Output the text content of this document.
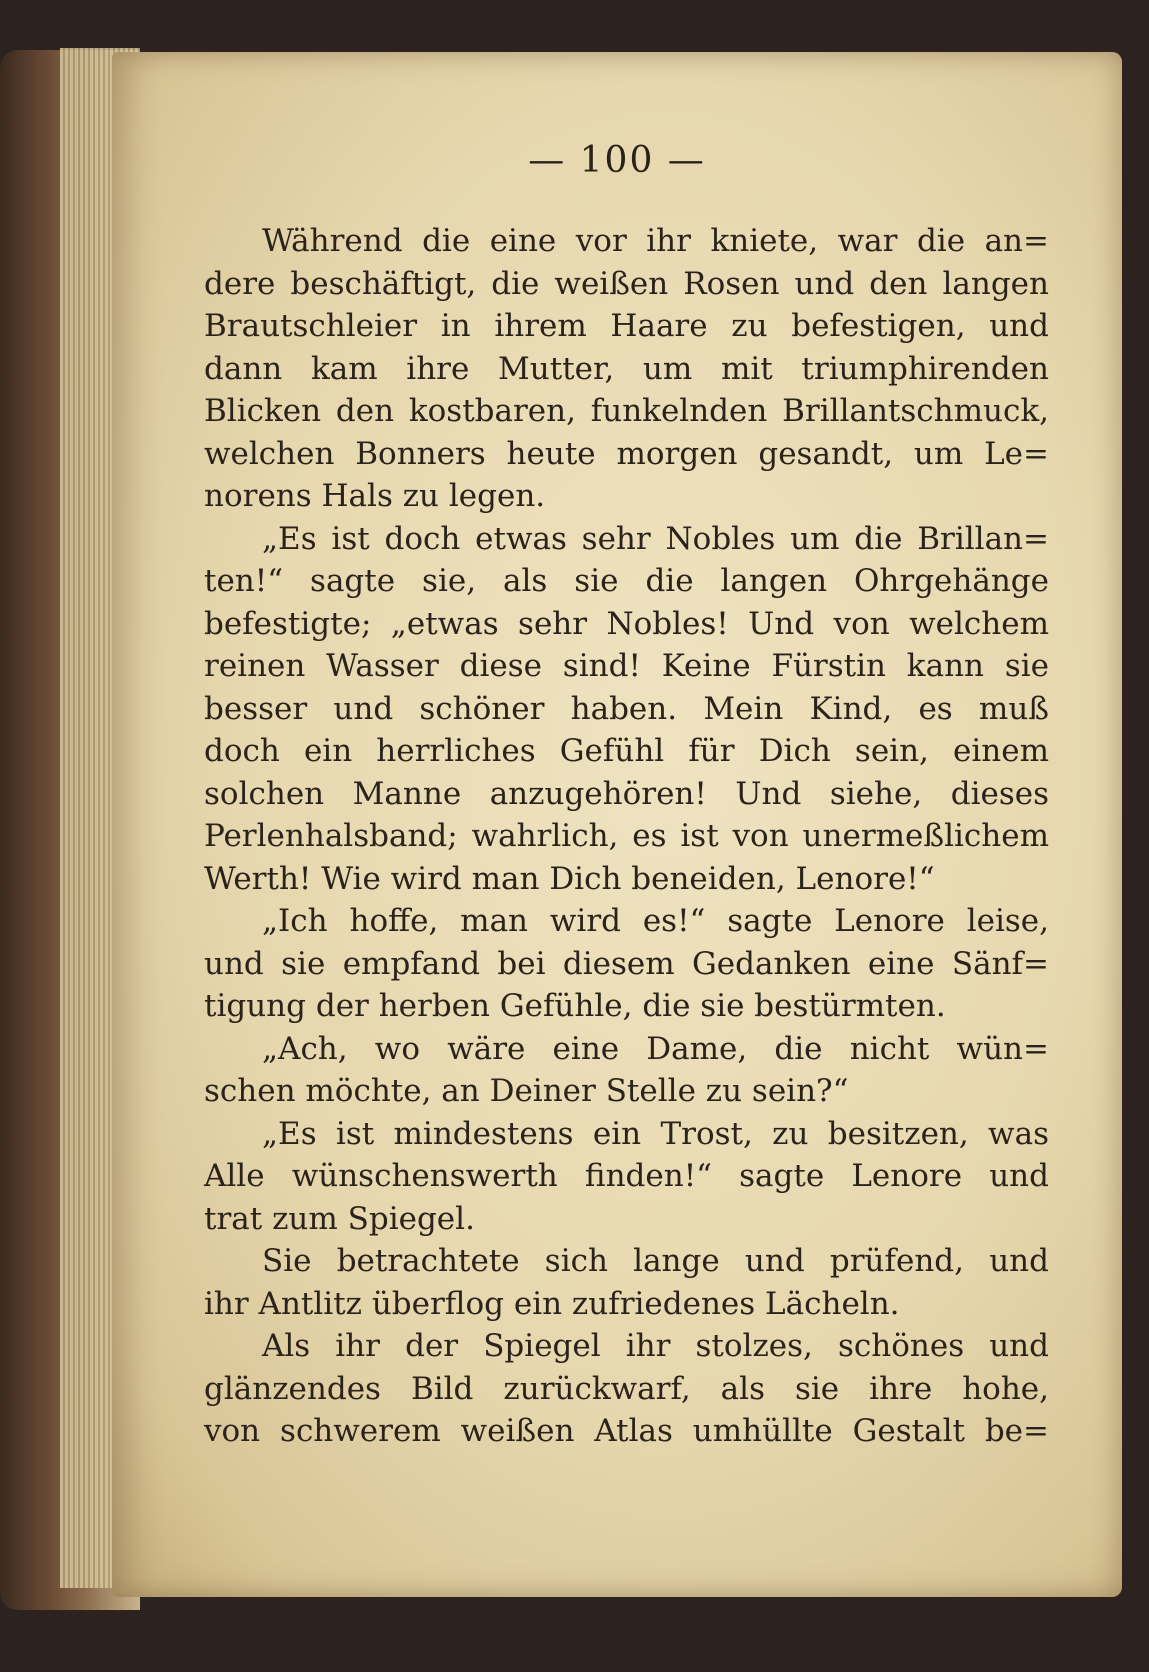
— 100 —
Während die eine vor ihr kniete, war die an=
dere beschäftigt, die weißen Rosen und den langen
Brautschleier in ihrem Haare zu befestigen, und
dann kam ihre Mutter, um mit triumphirenden
Blicken den kostbaren, funkelnden Brillantschmuck,
welchen Bonners heute morgen gesandt, um Le=
norens Hals zu legen.
„Es ist doch etwas sehr Nobles um die Brillan=
ten!“ sagte sie, als sie die langen Ohrgehänge
befestigte; „etwas sehr Nobles! Und von welchem
reinen Wasser diese sind! Keine Fürstin kann sie
besser und schöner haben. Mein Kind, es muß
doch ein herrliches Gefühl für Dich sein, einem
solchen Manne anzugehören! Und siehe, dieses
Perlenhalsband; wahrlich, es ist von unermeßlichem
Werth! Wie wird man Dich beneiden, Lenore!“
„Ich hoffe, man wird es!“ sagte Lenore leise,
und sie empfand bei diesem Gedanken eine Sänf=
tigung der herben Gefühle, die sie bestürmten.
„Ach, wo wäre eine Dame, die nicht wün=
schen möchte, an Deiner Stelle zu sein?“
„Es ist mindestens ein Trost, zu besitzen, was
Alle wünschenswerth finden!“ sagte Lenore und
trat zum Spiegel.
Sie betrachtete sich lange und prüfend, und
ihr Antlitz überflog ein zufriedenes Lächeln.
Als ihr der Spiegel ihr stolzes, schönes und
glänzendes Bild zurückwarf, als sie ihre hohe,
von schwerem weißen Atlas umhüllte Gestalt be=
